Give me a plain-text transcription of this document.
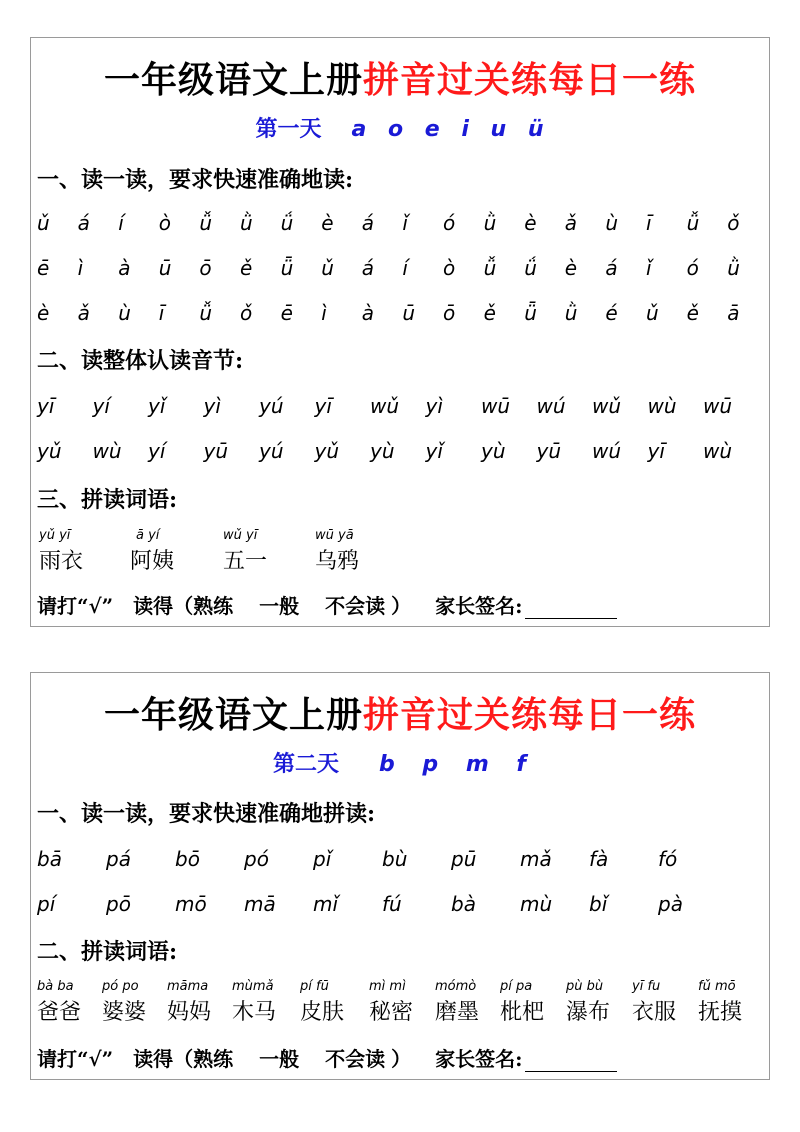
一年级语文上册拼音过关练每日一练
第一天 a o e i u ü
一、读一读，要求快速准确地读:
ǔ á í ò ǚ ǜ ǘ è á ǐ ó ǜ è ǎ ù ī ǚ ǒ
ē ì à ū ō ě ǖ ǔ á í ò ǚ ǘ è á ǐ ó ǜ
è ǎ ù ī ǚ ǒ ē ì à ū ō ě ǖ ǜ é ǔ ě ā
二、读整体认读音节:
yī yí yǐ yì yú yī wǔ yì wū wú wǔ wù wū
yǔ wù yí yū yú yǔ yù yǐ yù yū wú yī wù
三、拼读词语:
yǔ yī
雨衣
ā yí
阿姨
wǔ yī
五一
wū yā
乌鸦
请打“√” 读得（熟练 一般 不会读 ） 家长签名:
一年级语文上册拼音过关练每日一练
第二天 b p m f
一、读一读，要求快速准确地拼读:
bā pá bō pó pǐ	bù pū mǎ fà fó
pí	pō mō mā mǐ fú bà mù bǐ	pà
二、拼读词语:
bà ba
爸爸
pó po
婆婆
māma
妈妈
mùmǎ
木马
pí fū
皮肤
mì mì
秘密
mómò
磨墨
pí pa
枇杷
pù bù
瀑布
yī fu
衣服
fǔ mō
抚摸
请打“√” 读得（熟练 一般 不会读 ） 家长签名:
